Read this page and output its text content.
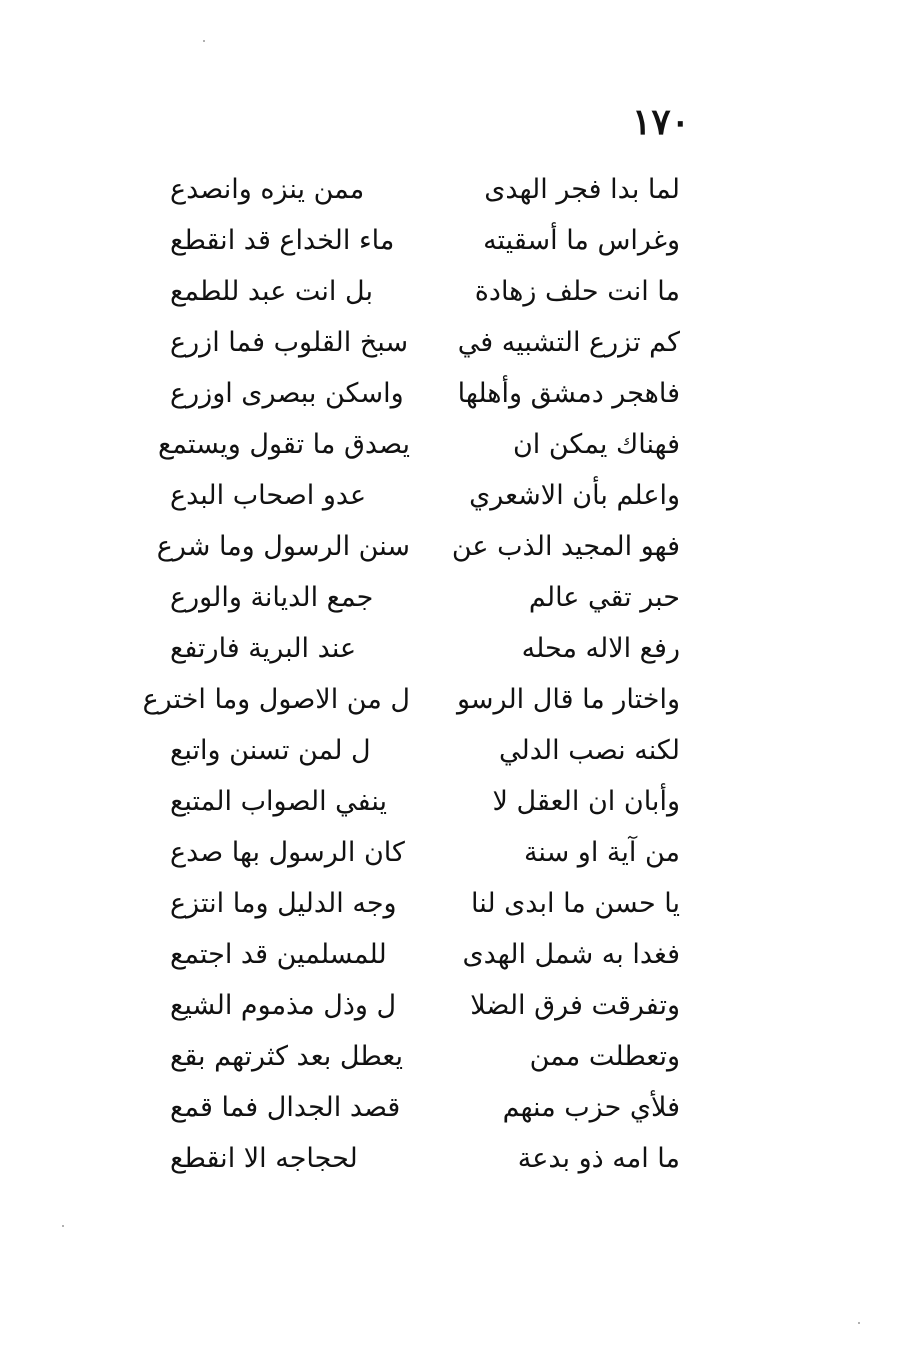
١٧٠
لما بدا فجر الهدى
ممن ينزه وانصدع
وغراس ما أسقيته
ماء الخداع قد انقطع
ما انت حلف زهادة
بل انت عبد للطمع
كم تزرع التشبيه في
سبخ القلوب فما ازرع
فاهجر دمشق وأهلها
واسكن ببصرى اوزرع
فهناك يمكن ان
يصدق ما تقول ويستمع
واعلم بأن الاشعري
عدو اصحاب البدع
فهو المجيد الذب عن
سنن الرسول وما شرع
حبر تقي عالم
جمع الديانة والورع
رفع الاله محله
عند البرية فارتفع
واختار ما قال الرسو
ل من الاصول وما اخترع
لكنه نصب الدلي
ل لمن تسنن واتبع
وأبان ان العقل لا
ينفي الصواب المتبع
من آية او سنة
كان الرسول بها صدع
يا حسن ما ابدى لنا
وجه الدليل وما انتزع
فغدا به شمل الهدى
للمسلمين قد اجتمع
وتفرقت فرق الضلا
ل وذل مذموم الشيع
وتعطلت ممن
يعطل بعد كثرتهم بقع
فلأي حزب منهم
قصد الجدال فما قمع
ما امه ذو بدعة
لحجاجه الا انقطع
